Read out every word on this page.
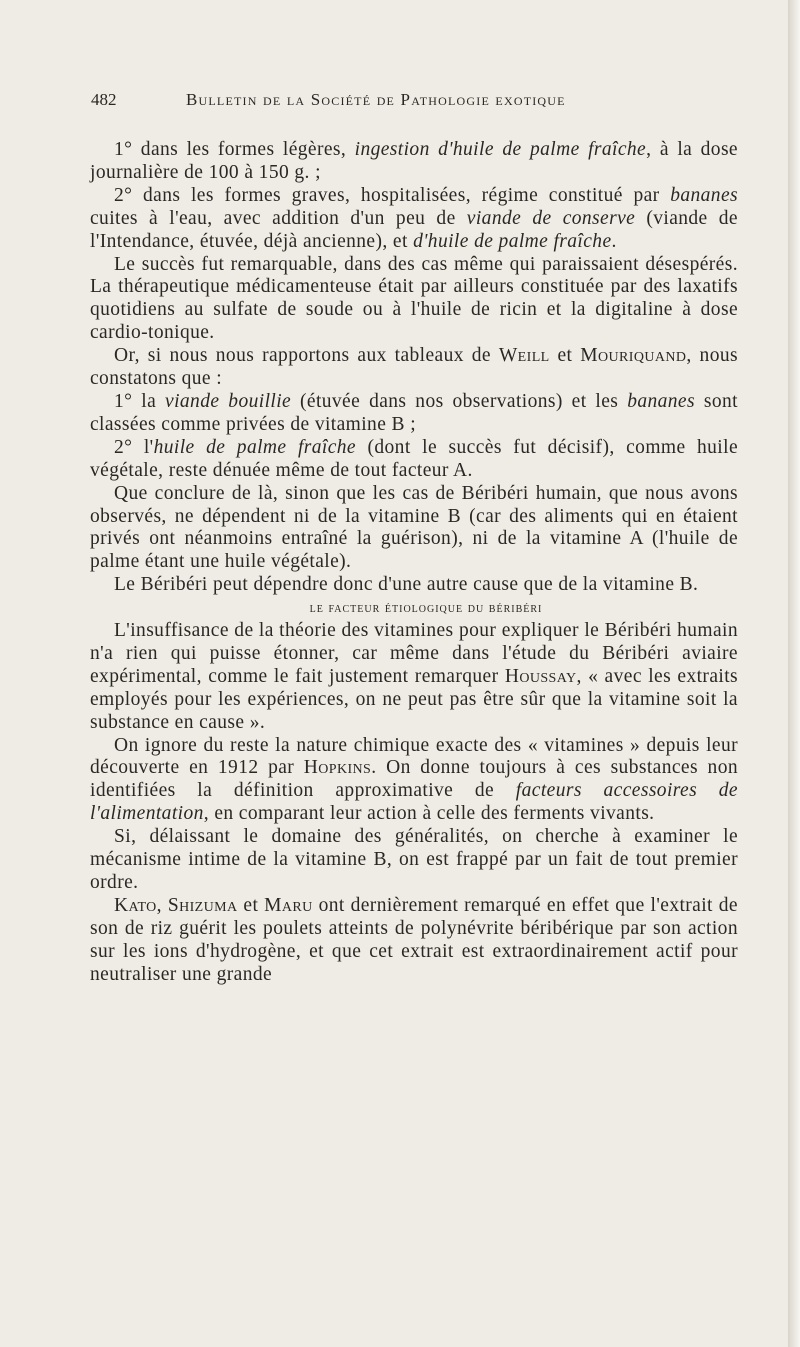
482	Bulletin de la Société de Pathologie exotique

1° dans les formes légères, ingestion d'huile de palme fraîche, à la dose journalière de 100 à 150 g. ;

2° dans les formes graves, hospitalisées, régime constitué par bananes cuites à l'eau, avec addition d'un peu de viande de conserve (viande de l'Intendance, étuvée, déjà ancienne), et d'huile de palme fraîche.

Le succès fut remarquable, dans des cas même qui paraissaient désespérés. La thérapeutique médicamenteuse était par ailleurs constituée par des laxatifs quotidiens au sulfate de soude ou à l'huile de ricin et la digitaline à dose cardio-tonique.

Or, si nous nous rapportons aux tableaux de Weill et Mouriquand, nous constatons que :

1° la viande bouillie (étuvée dans nos observations) et les bananes sont classées comme privées de vitamine B ;

2° l'huile de palme fraîche (dont le succès fut décisif), comme huile végétale, reste dénuée même de tout facteur A.

Que conclure de là, sinon que les cas de Béribéri humain, que nous avons observés, ne dépendent ni de la vitamine B (car des aliments qui en étaient privés ont néanmoins entraîné la guérison), ni de la vitamine A (l'huile de palme étant une huile végétale).

Le Béribéri peut dépendre donc d'une autre cause que de la vitamine B.

le facteur étiologique du béribéri

L'insuffisance de la théorie des vitamines pour expliquer le Béribéri humain n'a rien qui puisse étonner, car même dans l'étude du Béribéri aviaire expérimental, comme le fait justement remarquer Houssay, « avec les extraits employés pour les expériences, on ne peut pas être sûr que la vitamine soit la substance en cause ».

On ignore du reste la nature chimique exacte des « vitamines » depuis leur découverte en 1912 par Hopkins. On donne toujours à ces substances non identifiées la définition approximative de facteurs accessoires de l'alimentation, en comparant leur action à celle des ferments vivants.

Si, délaissant le domaine des généralités, on cherche à examiner le mécanisme intime de la vitamine B, on est frappé par un fait de tout premier ordre.

Kato, Shizuma et Maru ont dernièrement remarqué en effet que l'extrait de son de riz guérit les poulets atteints de polynévrite béribérique par son action sur les ions d'hydrogène, et que cet extrait est extraordinairement actif pour neutraliser une grande
